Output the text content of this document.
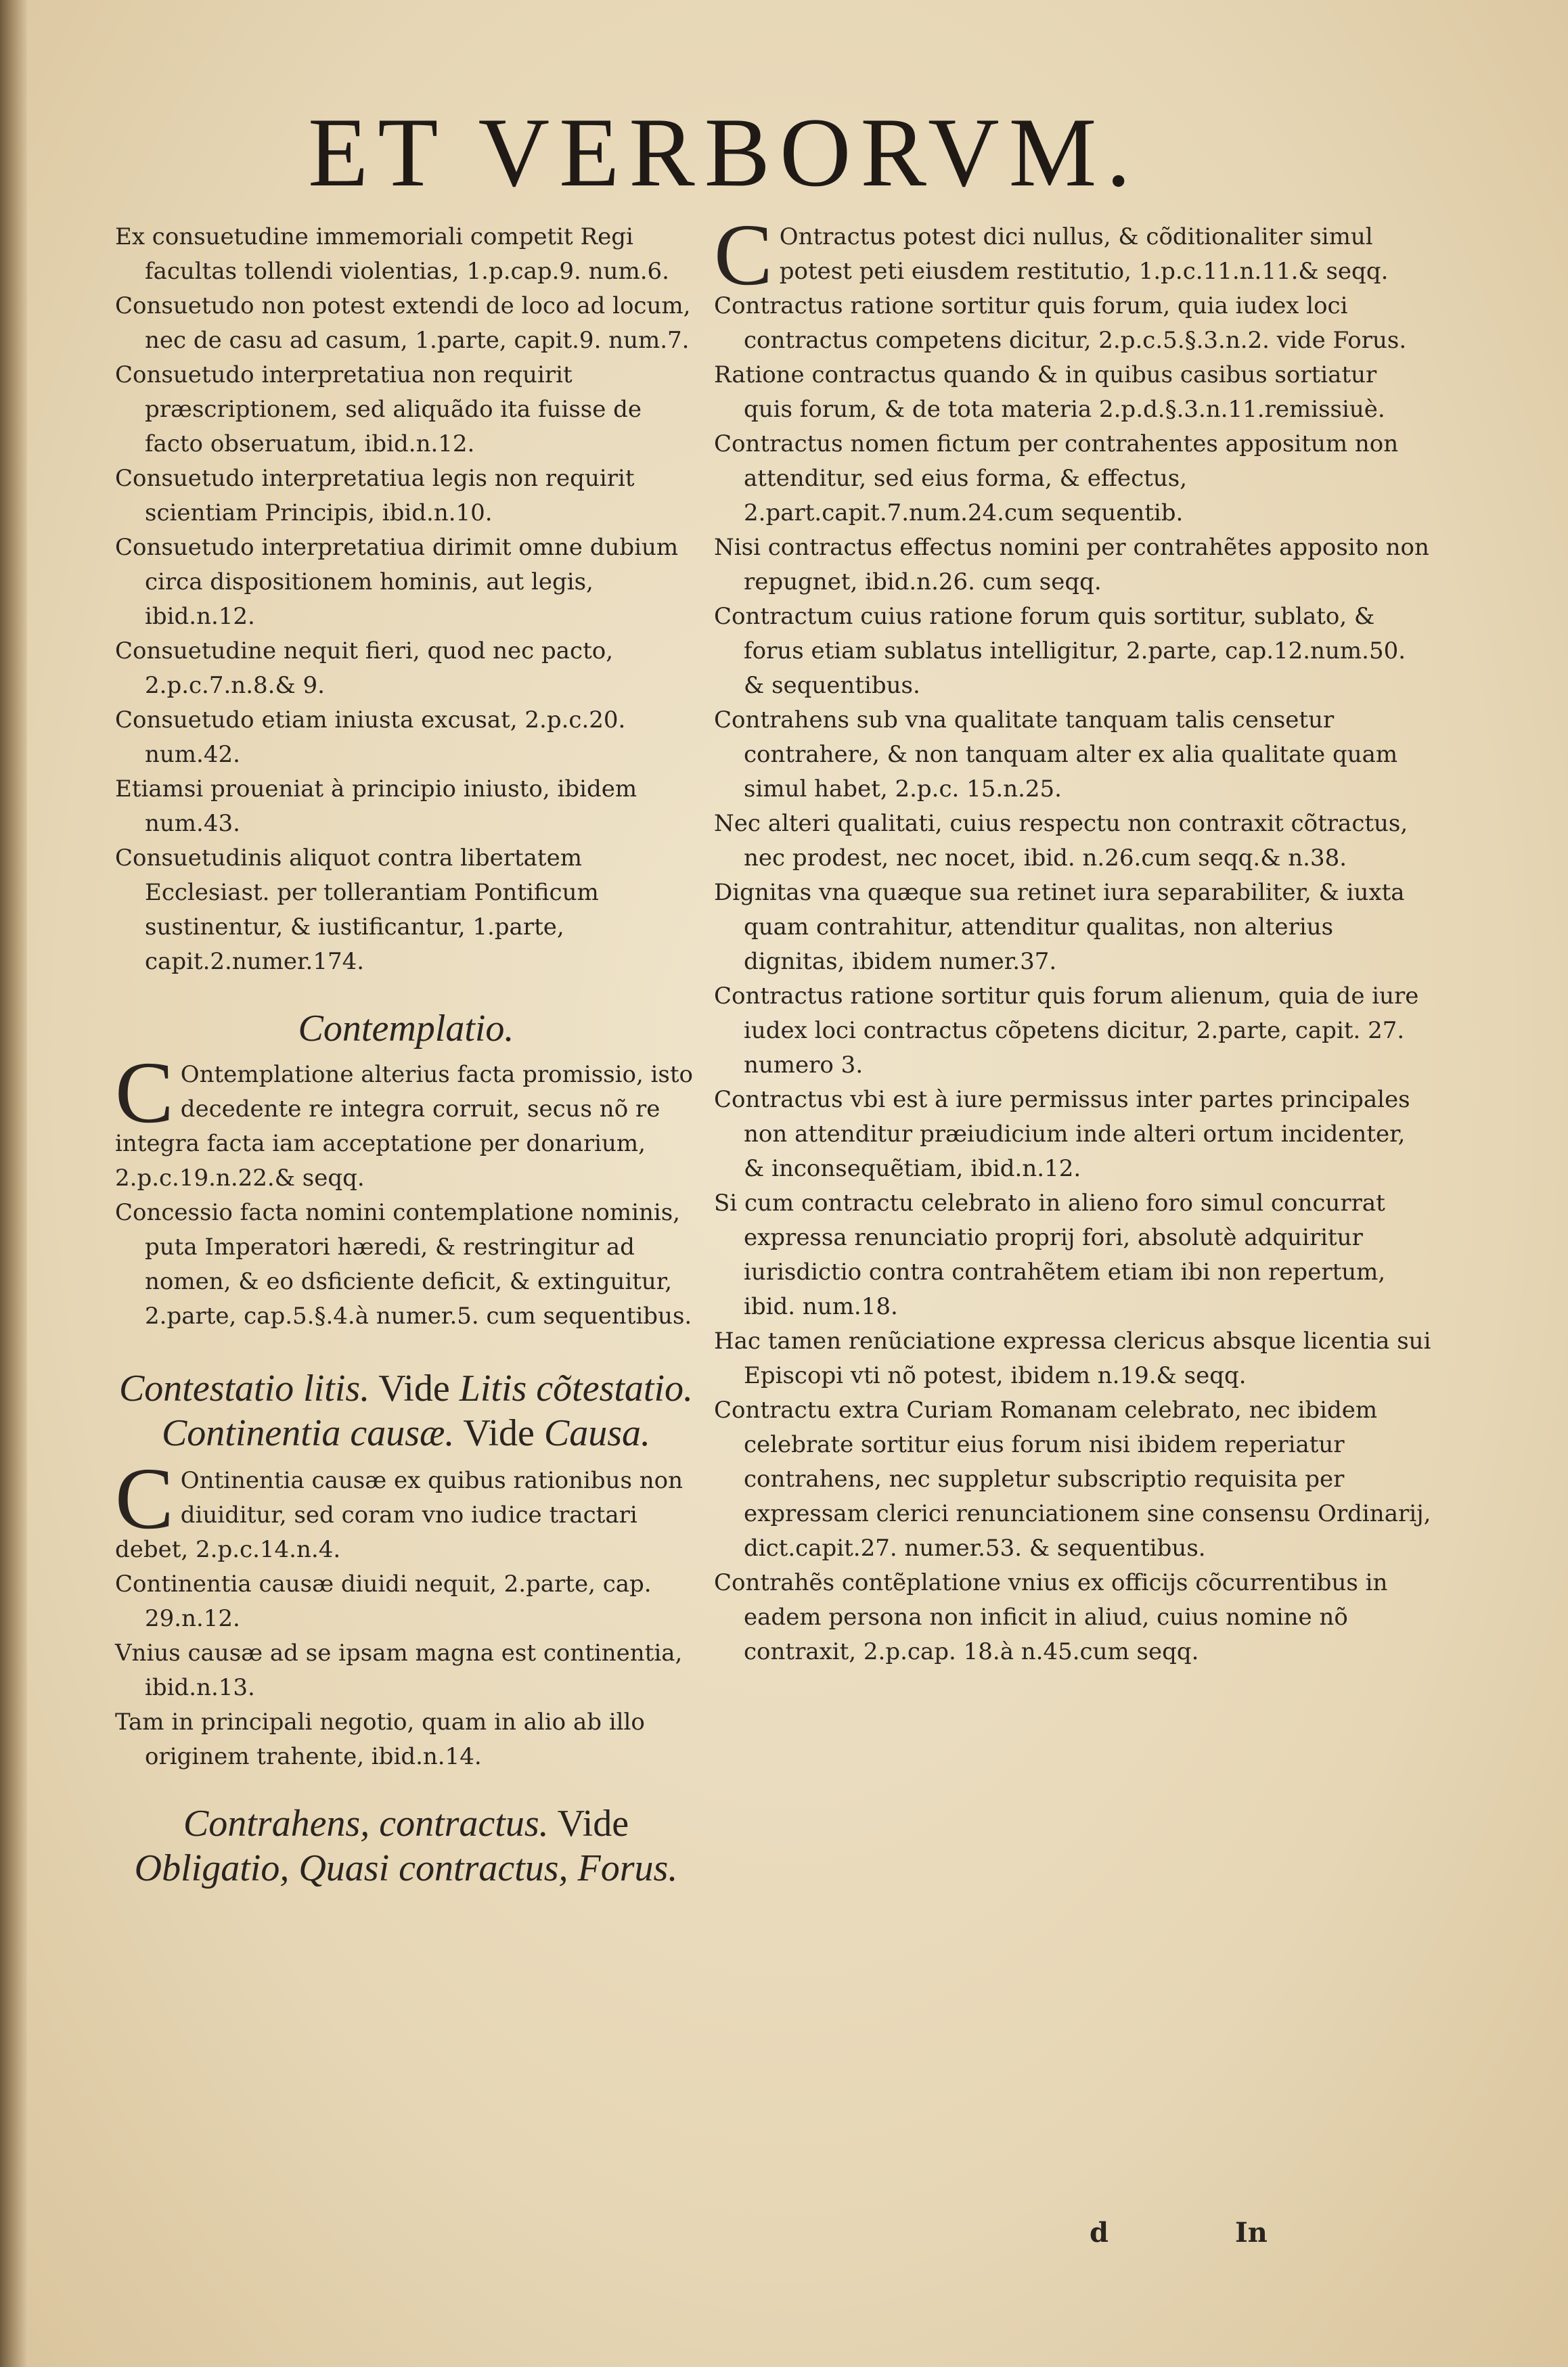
ET VERBORVM.

Ex consuetudine immemoriali competit Regi facultas tollendi violentias, 1.p.cap.9. num.6.

Consuetudo non potest extendi de loco ad locum, nec de casu ad casum, 1.parte, capit.9. num.7.

Consuetudo interpretatiua non requirit præscriptionem, sed aliquãdo ita fuisse de facto obseruatum, ibid.n.12.

Consuetudo interpretatiua legis non requirit scientiam Principis, ibid.n.10.

Consuetudo interpretatiua dirimit omne dubium circa dispositionem hominis, aut legis, ibid.n.12.

Consuetudine nequit fieri, quod nec pacto, 2.p.c.7.n.8.& 9.

Consuetudo etiam iniusta excusat, 2.p.c.20. num.42.

Etiamsi proueniat à principio iniusto, ibidem num.43.

Consuetudinis aliquot contra libertatem Ecclesiast. per tollerantiam Pontificum sustinentur, & iustificantur, 1.parte, capit.2.numer.174.

Contemplatio.

C Ontemplatione alterius facta promissio, isto decedente re integra corruit, secus nõ re integra facta iam acceptatione per donarium, 2.p.c.19.n.22.& seqq.

Concessio facta nomini contemplatione nominis, puta Imperatori hæredi, & restringitur ad nomen, & eo dsficiente deficit, & extinguitur, 2.parte, cap.5.§.4.à numer.5. cum sequentibus.

Contestatio litis. Vide Litis cõtestatio.

Continentia causæ. Vide Causa.

C Ontinentia causæ ex quibus rationibus non diuiditur, sed coram vno iudice tractari debet, 2.p.c.14.n.4.

Continentia causæ diuidi nequit, 2.parte, cap. 29.n.12.

Vnius causæ ad se ipsam magna est continentia, ibid.n.13.

Tam in principali negotio, quam in alio ab illo originem trahente, ibid.n.14.

Contrahens, contractus. Vide Obligatio, Quasi contractus, Forus.

C Ontractus potest dici nullus, & cõditionaliter simul potest peti eiusdem restitutio, 1.p.c.11.n.11.& seqq.

Contractus ratione sortitur quis forum, quia iudex loci contractus competens dicitur, 2.p.c.5.§.3.n.2. vide Forus.

Ratione contractus quando & in quibus casibus sortiatur quis forum, & de tota materia 2.p.d.§.3.n.11.remissiuè.

Contractus nomen fictum per contrahentes appositum non attenditur, sed eius forma, & effectus, 2.part.capit.7.num.24.cum sequentib.

Nisi contractus effectus nomini per contrahẽtes apposito non repugnet, ibid.n.26. cum seqq.

Contractum cuius ratione forum quis sortitur, sublato, & forus etiam sublatus intelligitur, 2.parte, cap.12.num.50. & sequentibus.

Contrahens sub vna qualitate tanquam talis censetur contrahere, & non tanquam alter ex alia qualitate quam simul habet, 2.p.c. 15.n.25.

Nec alteri qualitati, cuius respectu non contraxit cõtractus, nec prodest, nec nocet, ibid. n.26.cum seqq.& n.38.

Dignitas vna quæque sua retinet iura separabiliter, & iuxta quam contrahitur, attenditur qualitas, non alterius dignitas, ibidem numer.37.

Contractus ratione sortitur quis forum alienum, quia de iure iudex loci contractus cõpetens dicitur, 2.parte, capit. 27. numero 3.

Contractus vbi est à iure permissus inter partes principales non attenditur præiudicium inde alteri ortum incidenter, & inconsequẽtiam, ibid.n.12.

Si cum contractu celebrato in alieno foro simul concurrat expressa renunciatio proprij fori, absolutè adquiritur iurisdictio contra contrahẽtem etiam ibi non repertum, ibid. num.18.

Hac tamen renũciatione expressa clericus absque licentia sui Episcopi vti nõ potest, ibidem n.19.& seqq.

Contractu extra Curiam Romanam celebrato, nec ibidem celebrate sortitur eius forum nisi ibidem reperiatur contrahens, nec suppletur subscriptio requisita per expressam clerici renunciationem sine consensu Ordinarij, dict.capit.27. numer.53. & sequentibus.

Contrahẽs contẽplatione vnius ex officijs cõcurrentibus in eadem persona non inficit in aliud, cuius nomine nõ contraxit, 2.p.cap. 18.à n.45.cum seqq.

d	In
